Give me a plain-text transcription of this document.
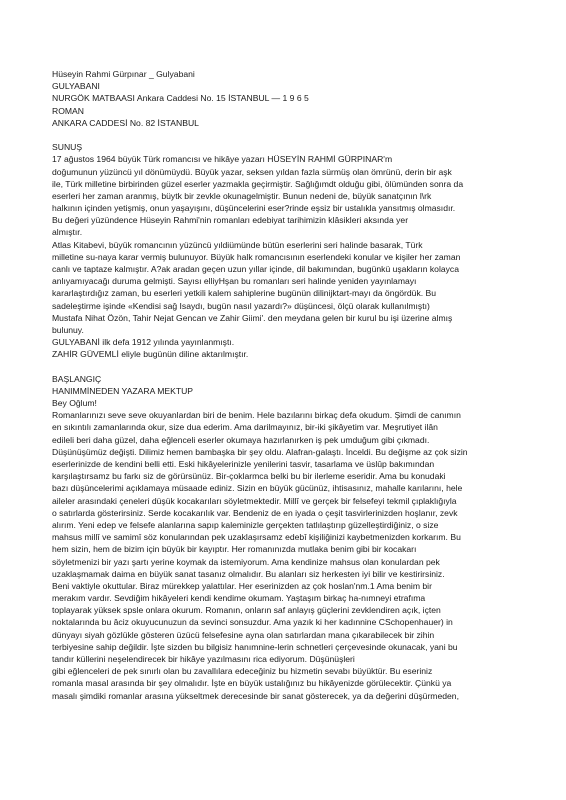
Hüseyin Rahmi Gürpınar _ Gulyabani
GULYABANI
NURGÖK MATBAASI Ankara Caddesi No. 15 İSTANBUL — 1 9 6 5
ROMAN
ANKARA CADDESİ No. 82 İSTANBUL
SUNUŞ
17 ağustos 1964 büyük Türk romancısı ve hikâye yazarı HÜSEYİN RAHMİ GÜRPINAR'm
doğumunun yüzüncü yıl dönümüydü. Büyük yazar, seksen yıldan fazla sürmüş olan ömrünü, derin bir aşk
ile, Türk milletine birbirinden güzel eserler yazmakla geçirmiştir. Sağlığımdt olduğu gibi, ölümünden sonra da
eserleri her zaman aranmış, büytk bir zevkle okunagelmiştir. Bunun nedeni de, büyük sanatçının l\rk
halkının içinden yetişmiş, onun yaşayışını, düşüncelerini eser?rinde eşsiz bir ustalıkla yansıtmış olmasıdır.
Bu değeri yüzündence Hüseyin Rahmi'nin romanları edebiyat tarihimizin klâsikleri aksında yer
almıştır.
Atlas Kitabevi, büyük romancının yüzüncü yıldiümünde bütün eserlerini seri halinde basarak, Türk
milletine su-naya karar vermiş bulunuyor. Büyük halk romancısının eserlendeki konular ve kişiler her zaman
canlı ve taptaze kalmıştır. A?ak aradan geçen uzun yıllar içinde, dil bakımından, bugünkü uşakların kolayca
anlıyamıyacağı duruma gelmişti. Sayısı elliyHşan bu romanları seri halinde yeniden yayınlamayı
kararlaştırdığız zaman, bu eserleri yetkili kalem sahiplerine bugünün dilinijktart-mayı da öngördük. Bu
sadeleştirme işinde «Kendisi sağ Isaydı, bugün nasıl yazardı?» düşüncesi, ölçü olarak kullanılmıştı)
Mustafa Nihat Özön, Tahir Nejat Gencan ve Zahir Giimi'. den meydana gelen bir kurul bu işi üzerine almış
bulunuy.
GULYABANİ ilk defa 1912 yılında yayınlanmıştı.
ZAHİR GÜVEMLİ eliyle bugünün diline aktarılmıştır.
BAŞLANGIÇ
HANIMMİNEDEN YAZARA MEKTUP
Bey Oğlum!
Romanlarınızı seve seve okuyanlardan biri de benim. Hele bazılarını birkaç defa okudum. Şimdi de canımın
en sıkıntılı zamanlarında okur, size dua ederim. Ama darilmayınız, bir-iki şikâyetim var. Meşrutiyet ilân
edileli beri daha güzel, daha eğlenceli eserler okumaya hazırlanırken iş pek umduğum gibi çıkmadı.
Düşünüşümüz değişti. Dilimiz hemen bambaşka bir şey oldu. Alafran-galaştı. İnceldi. Bu değişme az çok sizin
eserlerinizde de kendini belli etti. Eski hikâyelerinizle yenilerini tasvir, tasarlama ve üslûp bakımından
karşılaştırsamz bu farkı siz de görürsünüz. Bir-çoklarmca belki bu bir ilerleme eseridir. Ama bu konudaki
bazı düşüncelerimi açıklamaya müsaade ediniz. Sizin en büyük gücünüz, ihtisasınız, mahalle karılarını, hele
aileler arasındaki çeneleri düşük kocakarıları söyletmektedir. Millî ve gerçek bir felsefeyi tekmil çıplaklığıyla
o satırlarda gösterirsiniz. Serde kocakarılık var. Bendeniz de en iyada o çeşit tasvirlerinizden hoşlanır, zevk
alırım. Yeni edep ve felsefe alanlarına sapıp kaleminizle gerçekten tatlılaştırıp güzelleştirdiğiniz, o size
mahsus millî ve samimî söz konularından pek uzaklaşırsamz edebî kişiliğinizi kaybetmenizden korkarım. Bu
hem sizin, hem de bizim için büyük bir kayıptır. Her romanınızda mutlaka benim gibi bir kocakarı
söyletmenizi bir yazı şartı yerine koymak da istemiyorum. Ama kendinize mahsus olan konulardan pek
uzaklaşmamak daima en büyük sanat tasanız olmalıdır. Bu alanları siz herkesten iyi bilir ve kestirirsiniz.
Beni vaktiyle okuttular. Biraz mürekkep yalattılar. Her eserinizden az çok hoslan'nm.1 Ama benim bir
merakım vardır. Sevdiğim hikâyeleri kendi kendime okumam. Yaştaşım birkaç ha-nımneyi etrafıma
toplayarak yüksek spsle onlara okurum. Romanın, onların saf anlayış güçlerini zevklendiren açık, içten
noktalarında bu âciz okuyucunuzun da sevinci sonsuzdur. Ama yazık ki her kadınnine CSchopenhauer) in
dünyayı siyah gözlükle gösteren üzücü felsefesine ayna olan satırlardan mana çıkarabilecek bir zihin
terbiyesine sahip değildir. İşte sizden bu bilgisiz hanımnine-lerin schnetleri çerçevesinde okunacak, yani bu
tandır küllerini neşelendirecek bir hikâye yazılmasını rica ediyorum. Düşünüşleri
gibi eğlenceleri de pek sınırlı olan bu zavallılara edeceğiniz bu hizmetin sevabı büyüktür. Bu eseriniz
romanla masal arasında bir şey olmalıdır. İşte en büyük ustalığınız bu hikâyenizde görülecektir. Çünkü ya
masalı şimdiki romanlar arasına yükseltmek derecesinde bir sanat gösterecek, ya da değerini düşürmeden,
